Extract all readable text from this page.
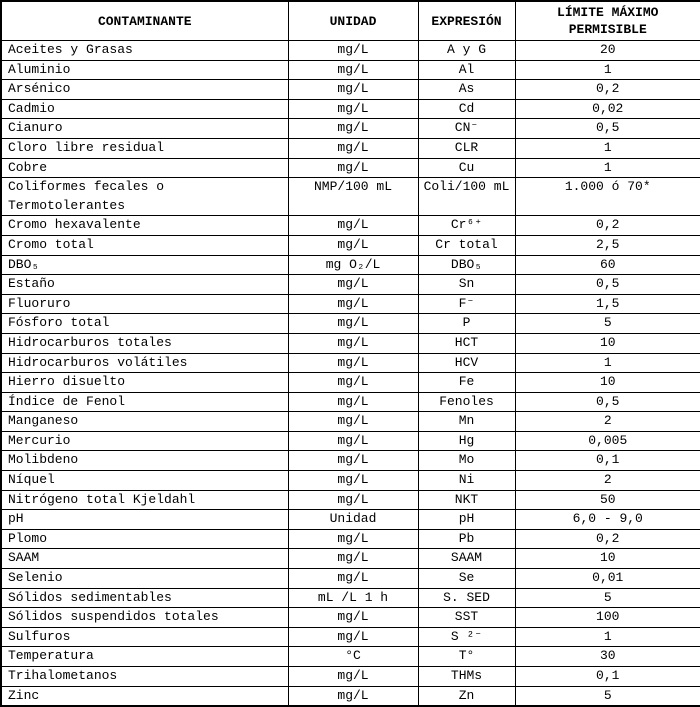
CONTAMINANTE	UNIDAD	EXPRESIÓN	LÍMITE MÁXIMO PERMISIBLE
Aceites y Grasas	mg/L	A y G	20
Aluminio	mg/L	Al	1
Arsénico	mg/L	As	0,2
Cadmio	mg/L	Cd	0,02
Cianuro	mg/L	CN⁻	0,5
Cloro libre residual	mg/L	CLR	1
Cobre	mg/L	Cu	1
Coliformes fecales o Termotolerantes	NMP/100 mL	Coli/100 mL	1.000 ó 70*
Cromo hexavalente	mg/L	Cr⁶⁺	0,2
Cromo total	mg/L	Cr total	2,5
DBO₅	mg O₂/L	DBO₅	60
Estaño	mg/L	Sn	0,5
Fluoruro	mg/L	F⁻	1,5
Fósforo total	mg/L	P	5
Hidrocarburos totales	mg/L	HCT	10
Hidrocarburos volátiles	mg/L	HCV	1
Hierro disuelto	mg/L	Fe	10
Índice de Fenol	mg/L	Fenoles	0,5
Manganeso	mg/L	Mn	2
Mercurio	mg/L	Hg	0,005
Molibdeno	mg/L	Mo	0,1
Níquel	mg/L	Ni	2
Nitrógeno total Kjeldahl	mg/L	NKT	50
pH	Unidad	pH	6,0 - 9,0
Plomo	mg/L	Pb	0,2
SAAM	mg/L	SAAM	10
Selenio	mg/L	Se	0,01
Sólidos sedimentables	mL /L 1 h	S. SED	5
Sólidos suspendidos totales	mg/L	SST	100
Sulfuros	mg/L	S ²⁻	1
Temperatura	°C	T°	30
Trihalometanos	mg/L	THMs	0,1
Zinc	mg/L	Zn	5
